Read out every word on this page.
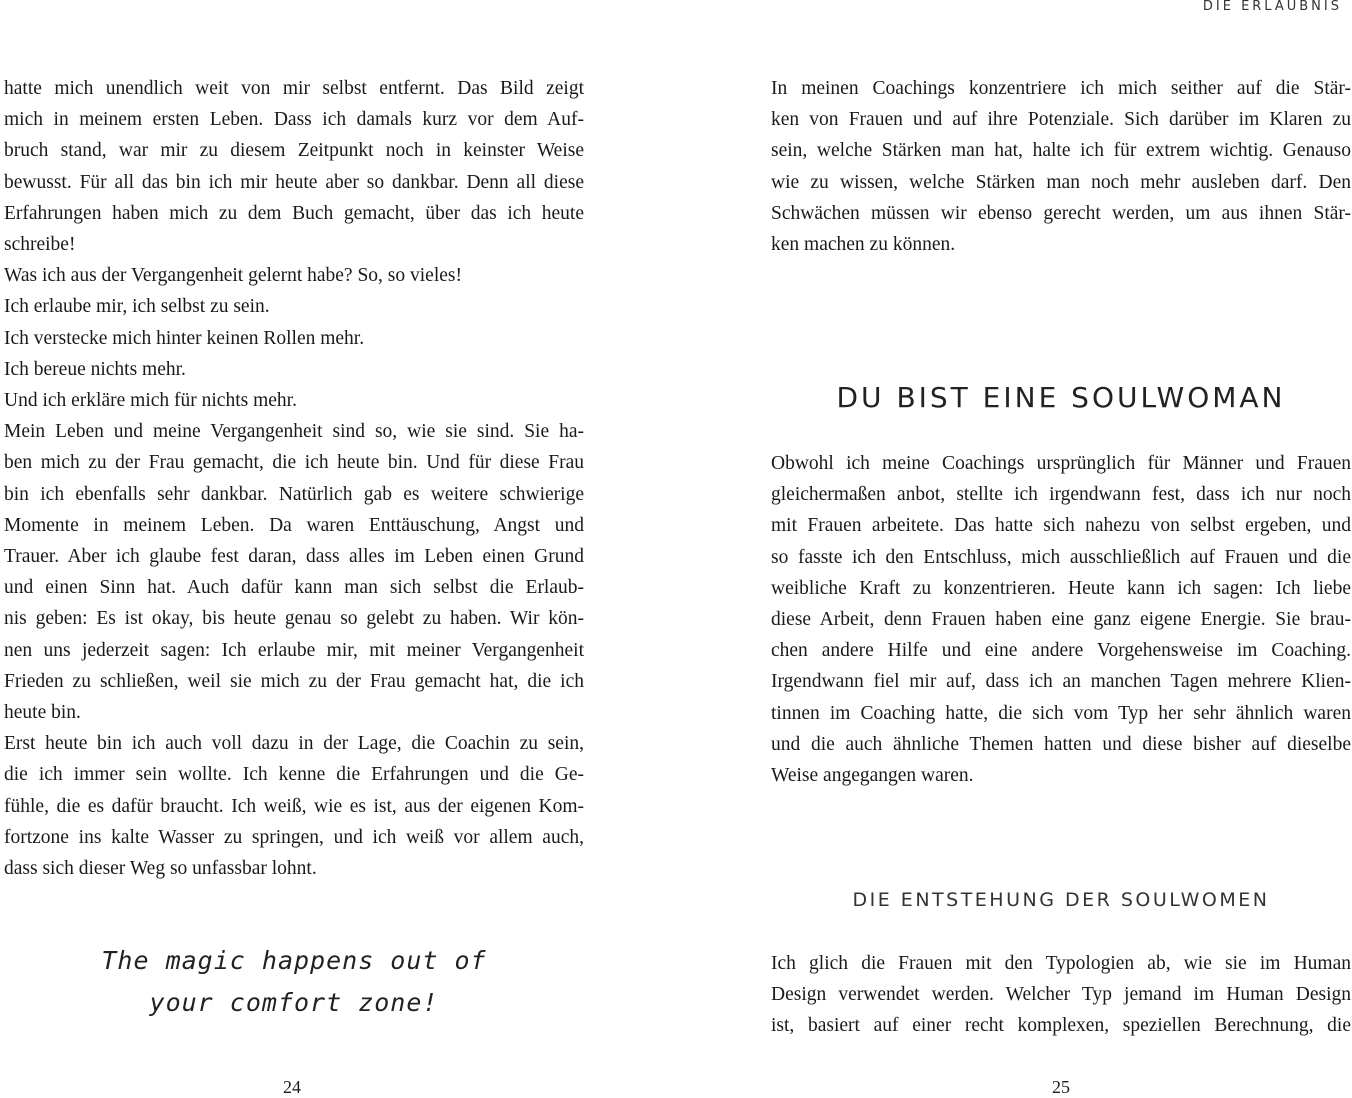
DIE ERLAUBNIS

hatte mich unendlich weit von mir selbst entfernt. Das Bild zeigt
mich in meinem ersten Leben. Dass ich damals kurz vor dem Auf-
bruch stand, war mir zu diesem Zeitpunkt noch in keinster Weise
bewusst. Für all das bin ich mir heute aber so dankbar. Denn all diese
Erfahrungen haben mich zu dem Buch gemacht, über das ich heute
schreibe!

Was ich aus der Vergangenheit gelernt habe? So, so vieles!

Ich erlaube mir, ich selbst zu sein.

Ich verstecke mich hinter keinen Rollen mehr.

Ich bereue nichts mehr.

Und ich erkläre mich für nichts mehr.

Mein Leben und meine Vergangenheit sind so, wie sie sind. Sie ha-
ben mich zu der Frau gemacht, die ich heute bin. Und für diese Frau
bin ich ebenfalls sehr dankbar. Natürlich gab es weitere schwierige
Momente in meinem Leben. Da waren Enttäuschung, Angst und
Trauer. Aber ich glaube fest daran, dass alles im Leben einen Grund
und einen Sinn hat. Auch dafür kann man sich selbst die Erlaub-
nis geben: Es ist okay, bis heute genau so gelebt zu haben. Wir kön-
nen uns jederzeit sagen: Ich erlaube mir, mit meiner Vergangenheit
Frieden zu schließen, weil sie mich zu der Frau gemacht hat, die ich
heute bin.

Erst heute bin ich auch voll dazu in der Lage, die Coachin zu sein,
die ich immer sein wollte. Ich kenne die Erfahrungen und die Ge-
fühle, die es dafür braucht. Ich weiß, wie es ist, aus der eigenen Kom-
fortzone ins kalte Wasser zu springen, und ich weiß vor allem auch,
dass sich dieser Weg so unfassbar lohnt.

The magic happens out of
your comfort zone!
24
In meinen Coachings konzentriere ich mich seither auf die Stär-
ken von Frauen und auf ihre Potenziale. Sich darüber im Klaren zu
sein, welche Stärken man hat, halte ich für extrem wichtig. Genauso
wie zu wissen, welche Stärken man noch mehr ausleben darf. Den
Schwächen müssen wir ebenso gerecht werden, um aus ihnen Stär-
ken machen zu können.
DU BIST EINE SOULWOMAN
Obwohl ich meine Coachings ursprünglich für Männer und Frauen
gleichermaßen anbot, stellte ich irgendwann fest, dass ich nur noch
mit Frauen arbeitete. Das hatte sich nahezu von selbst ergeben, und
so fasste ich den Entschluss, mich ausschließlich auf Frauen und die
weibliche Kraft zu konzentrieren. Heute kann ich sagen: Ich liebe
diese Arbeit, denn Frauen haben eine ganz eigene Energie. Sie brau-
chen andere Hilfe und eine andere Vorgehensweise im Coaching.
Irgendwann fiel mir auf, dass ich an manchen Tagen mehrere Klien-
tinnen im Coaching hatte, die sich vom Typ her sehr ähnlich waren
und die auch ähnliche Themen hatten und diese bisher auf dieselbe
Weise angegangen waren.
DIE ENTSTEHUNG DER SOULWOMEN
Ich glich die Frauen mit den Typologien ab, wie sie im Human
Design verwendet werden. Welcher Typ jemand im Human Design
ist, basiert auf einer recht komplexen, speziellen Berechnung, die
25
